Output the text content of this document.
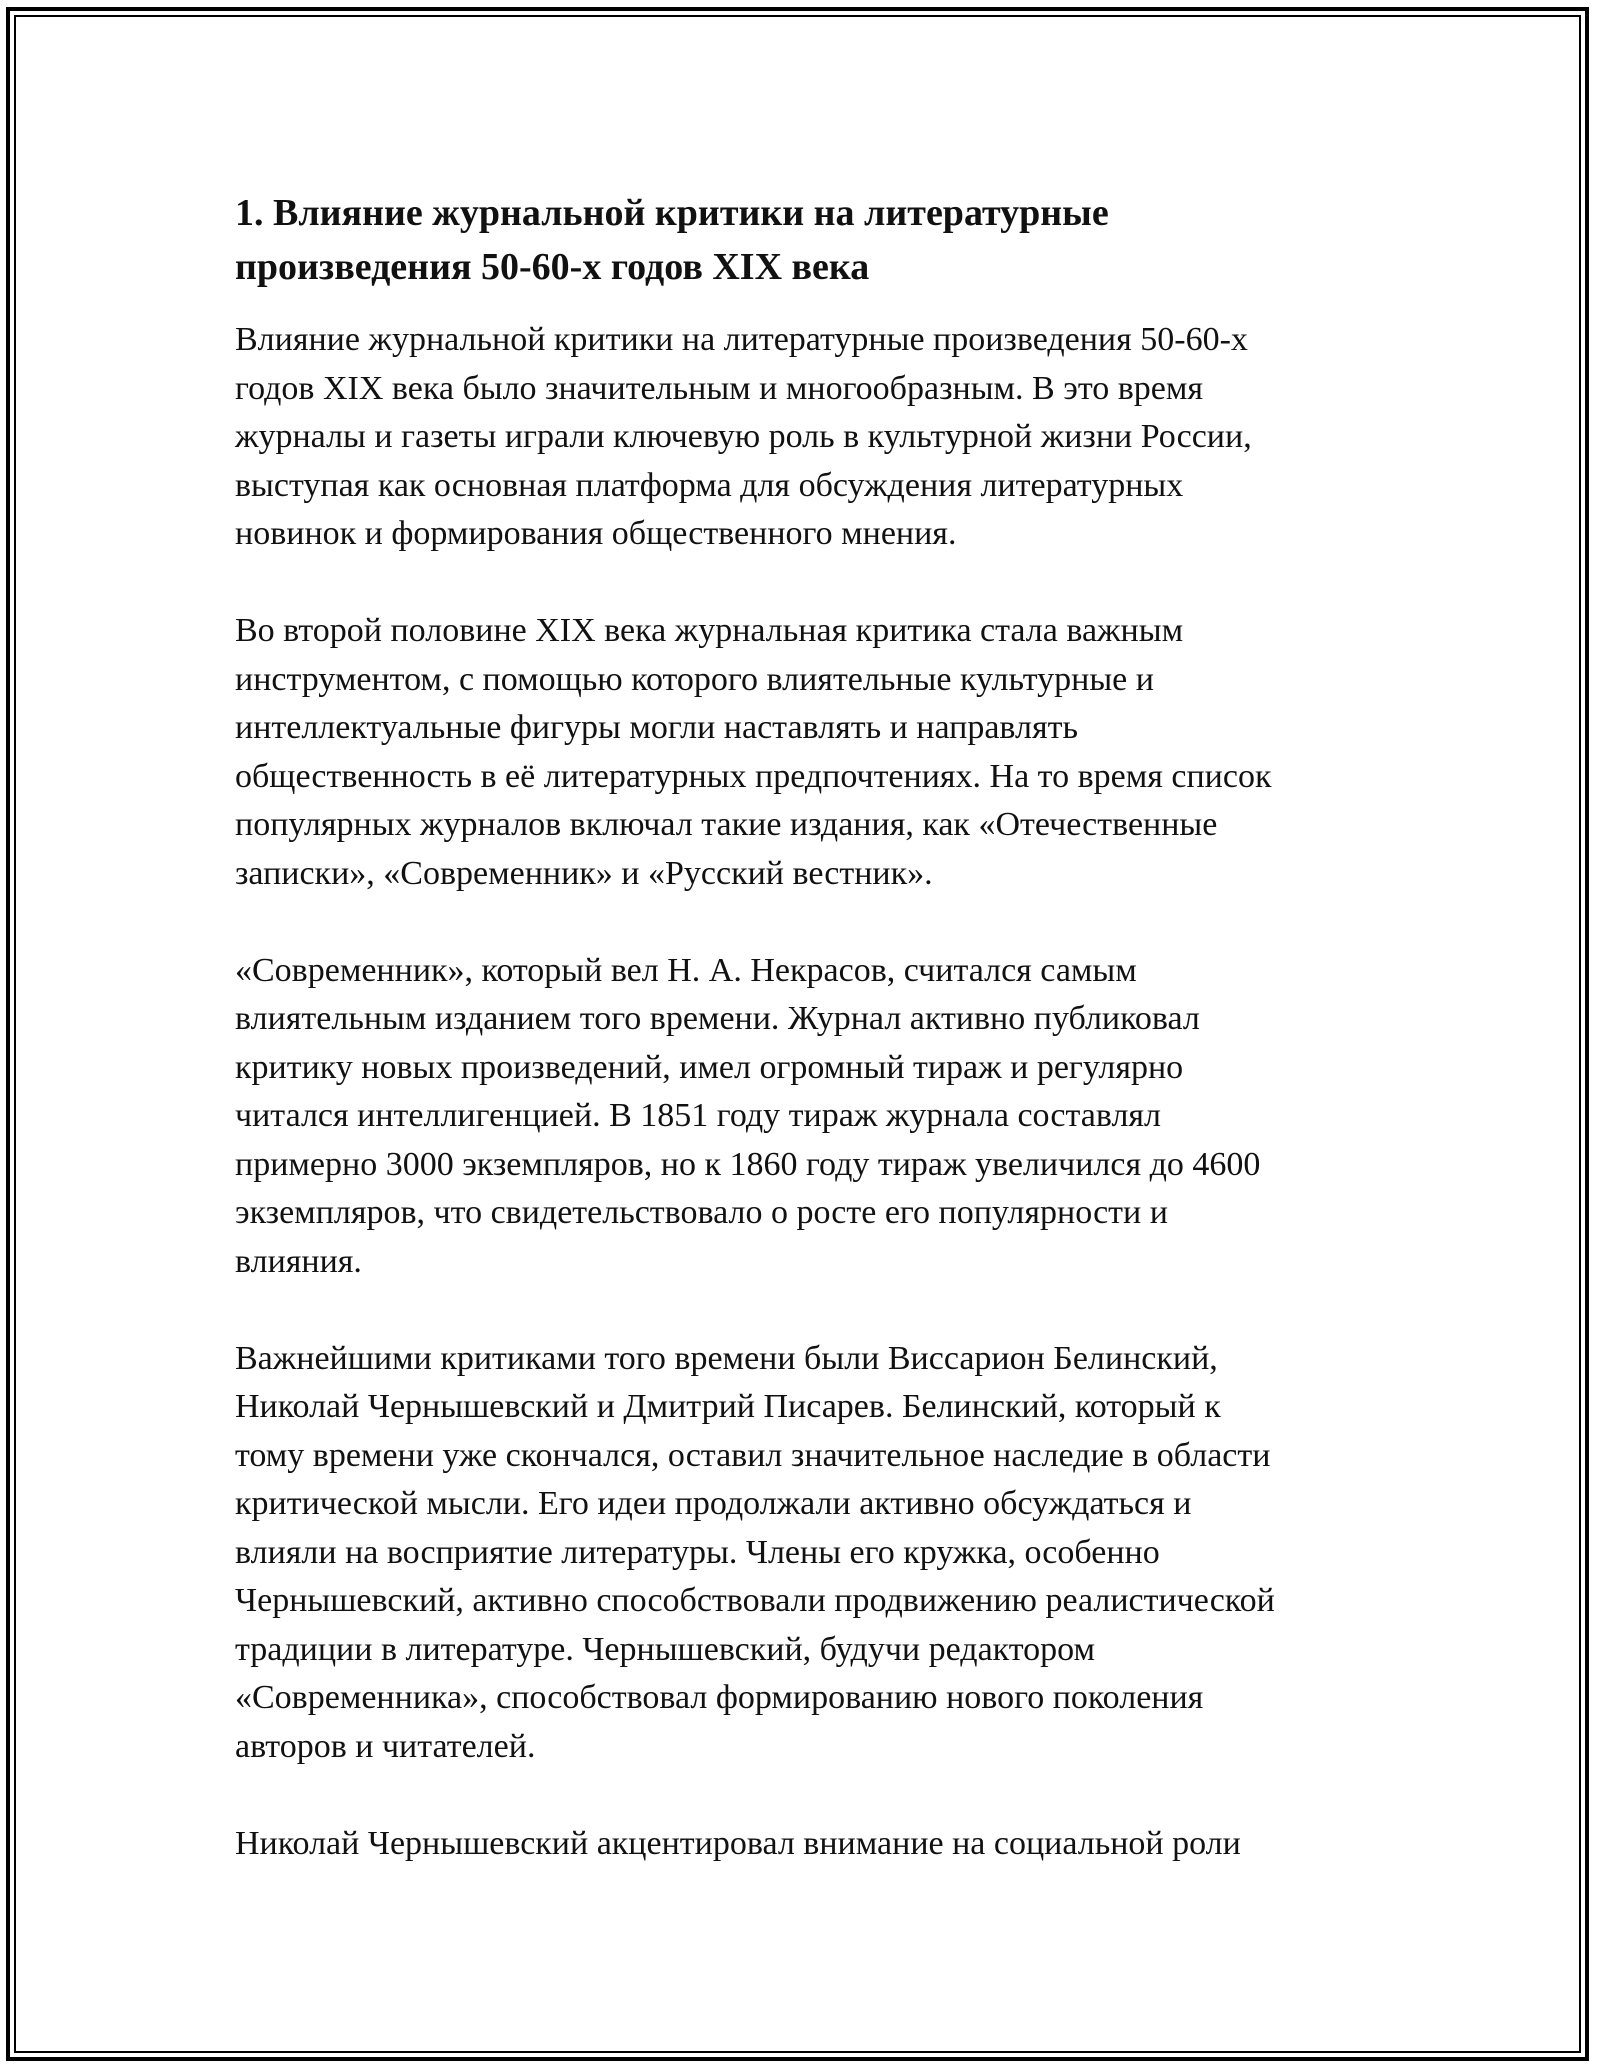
1. Влияние журнальной критики на литературные
произведения 50-60-х годов XIX века

Влияние журнальной критики на литературные произведения 50-60-х
годов XIX века было значительным и многообразным. В это время
журналы и газеты играли ключевую роль в культурной жизни России,
выступая как основная платформа для обсуждения литературных
новинок и формирования общественного мнения.

Во второй половине XIX века журнальная критика стала важным
инструментом, с помощью которого влиятельные культурные и
интеллектуальные фигуры могли наставлять и направлять
общественность в её литературных предпочтениях. На то время список
популярных журналов включал такие издания, как «Отечественные
записки», «Современник» и «Русский вестник».

«Современник», который вел Н. А. Некрасов, считался самым
влиятельным изданием того времени. Журнал активно публиковал
критику новых произведений, имел огромный тираж и регулярно
читался интеллигенцией. В 1851 году тираж журнала составлял
примерно 3000 экземпляров, но к 1860 году тираж увеличился до 4600
экземпляров, что свидетельствовало о росте его популярности и
влияния.

Важнейшими критиками того времени были Виссарион Белинский,
Николай Чернышевский и Дмитрий Писарев. Белинский, который к
тому времени уже скончался, оставил значительное наследие в области
критической мысли. Его идеи продолжали активно обсуждаться и
влияли на восприятие литературы. Члены его кружка, особенно
Чернышевский, активно способствовали продвижению реалистической
традиции в литературе. Чернышевский, будучи редактором
«Современника», способствовал формированию нового поколения
авторов и читателей.

Николай Чернышевский акцентировал внимание на социальной роли
